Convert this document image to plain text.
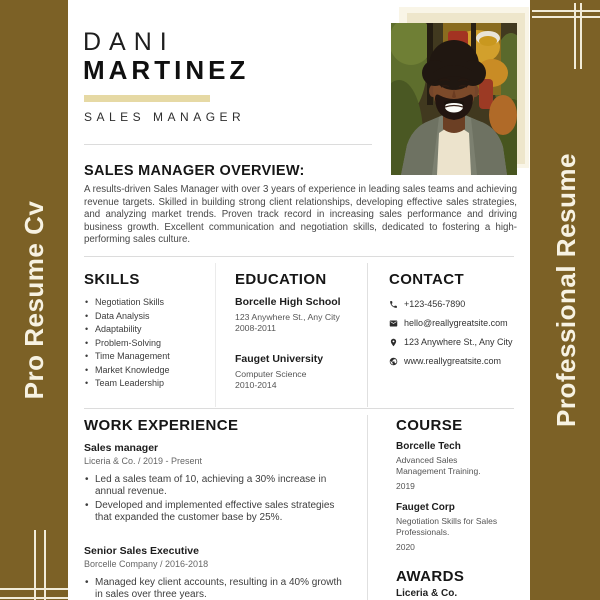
Pro Resume Cv	Professional Resume
DANI
MARTINEZ
SALES MANAGER
SALES MANAGER OVERVIEW:
A results-driven Sales Manager with over 3 years of experience in leading sales teams and achieving revenue targets. Skilled in building strong client relationships, developing effective sales strategies, and analyzing market trends. Proven track record in increasing sales performance and driving business growth. Excellent communication and negotiation skills, dedicated to fostering a high-performing sales culture.
SKILLS
• Negotiation Skills
• Data Analysis
• Adaptability
• Problem-Solving
• Time Management
• Market Knowledge
• Team Leadership
EDUCATION
Borcelle High School
123 Anywhere St., Any City
2008-2011
Fauget University
Computer Science
2010-2014
CONTACT
+123-456-7890
hello@reallygreatsite.com
123 Anywhere St., Any City
www.reallygreatsite.com
WORK EXPERIENCE
Sales manager
Liceria & Co. / 2019 - Present
• Led a sales team of 10, achieving a 30% increase in annual revenue.
• Developed and implemented effective sales strategies that expanded the customer base by 25%.
Senior Sales Executive
Borcelle Company / 2016-2018
• Managed key client accounts, resulting in a 40% growth in sales over three years.
COURSE
Borcelle Tech
Advanced Sales Management Training.
2019
Fauget Corp
Negotiation Skills for Sales Professionals.
2020
AWARDS
Liceria & Co.
